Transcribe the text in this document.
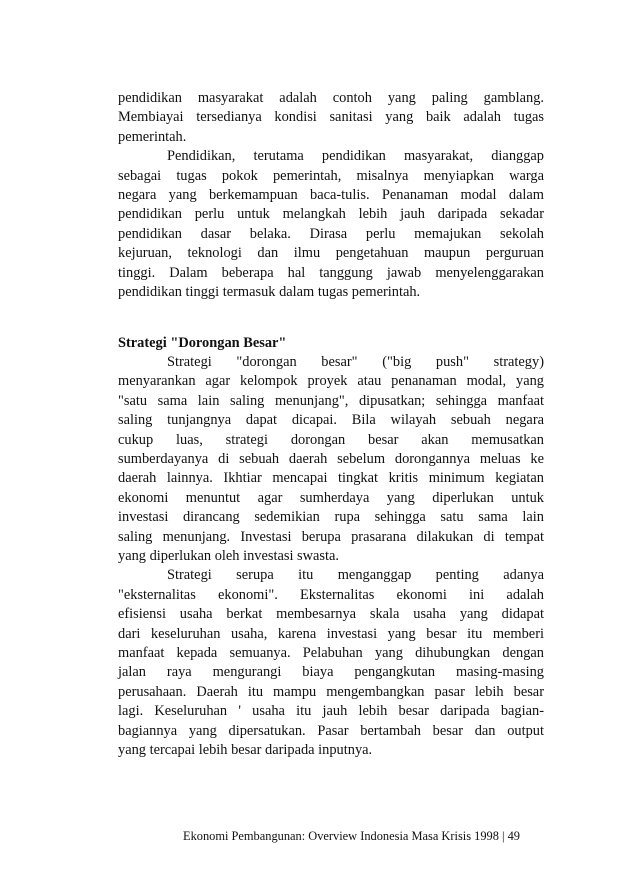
pendidikan masyarakat adalah contoh yang paling gamblang.
Membiayai tersedianya kondisi sanitasi yang baik adalah tugas
pemerintah.
Pendidikan, terutama pendidikan masyarakat, dianggap
sebagai tugas pokok pemerintah, misalnya menyiapkan warga
negara yang berkemampuan baca-tulis. Penanaman modal dalam
pendidikan perlu untuk melangkah lebih jauh daripada sekadar
pendidikan dasar belaka. Dirasa perlu memajukan sekolah
kejuruan, teknologi dan ilmu pengetahuan maupun perguruan
tinggi. Dalam beberapa hal tanggung jawab menyelenggarakan
pendidikan tinggi termasuk dalam tugas pemerintah.
Strategi "Dorongan Besar"
Strategi "dorongan besar" ("big push" strategy)
menyarankan agar kelompok proyek atau penanaman modal, yang
"satu sama lain saling menunjang", dipusatkan; sehingga manfaat
saling tunjangnya dapat dicapai. Bila wilayah sebuah negara
cukup luas, strategi dorongan besar akan memusatkan
sumberdayanya di sebuah daerah sebelum dorongannya meluas ke
daerah lainnya. Ikhtiar mencapai tingkat kritis minimum kegiatan
ekonomi menuntut agar sumherdaya yang diperlukan untuk
investasi dirancang sedemikian rupa sehingga satu sama lain
saling menunjang. Investasi berupa prasarana dilakukan di tempat
yang diperlukan oleh investasi swasta.
Strategi serupa itu menganggap penting adanya
"eksternalitas ekonomi". Eksternalitas ekonomi ini adalah
efisiensi usaha berkat membesarnya skala usaha yang didapat
dari keseluruhan usaha, karena investasi yang besar itu memberi
manfaat kepada semuanya. Pelabuhan yang dihubungkan dengan
jalan raya mengurangi biaya pengangkutan masing-masing
perusahaan. Daerah itu mampu mengembangkan pasar lebih besar
lagi. Keseluruhan ' usaha itu jauh lebih besar daripada bagian-
bagiannya yang dipersatukan. Pasar bertambah besar dan output
yang tercapai lebih besar daripada inputnya.
Ekonomi Pembangunan: Overview Indonesia Masa Krisis 1998 | 49
